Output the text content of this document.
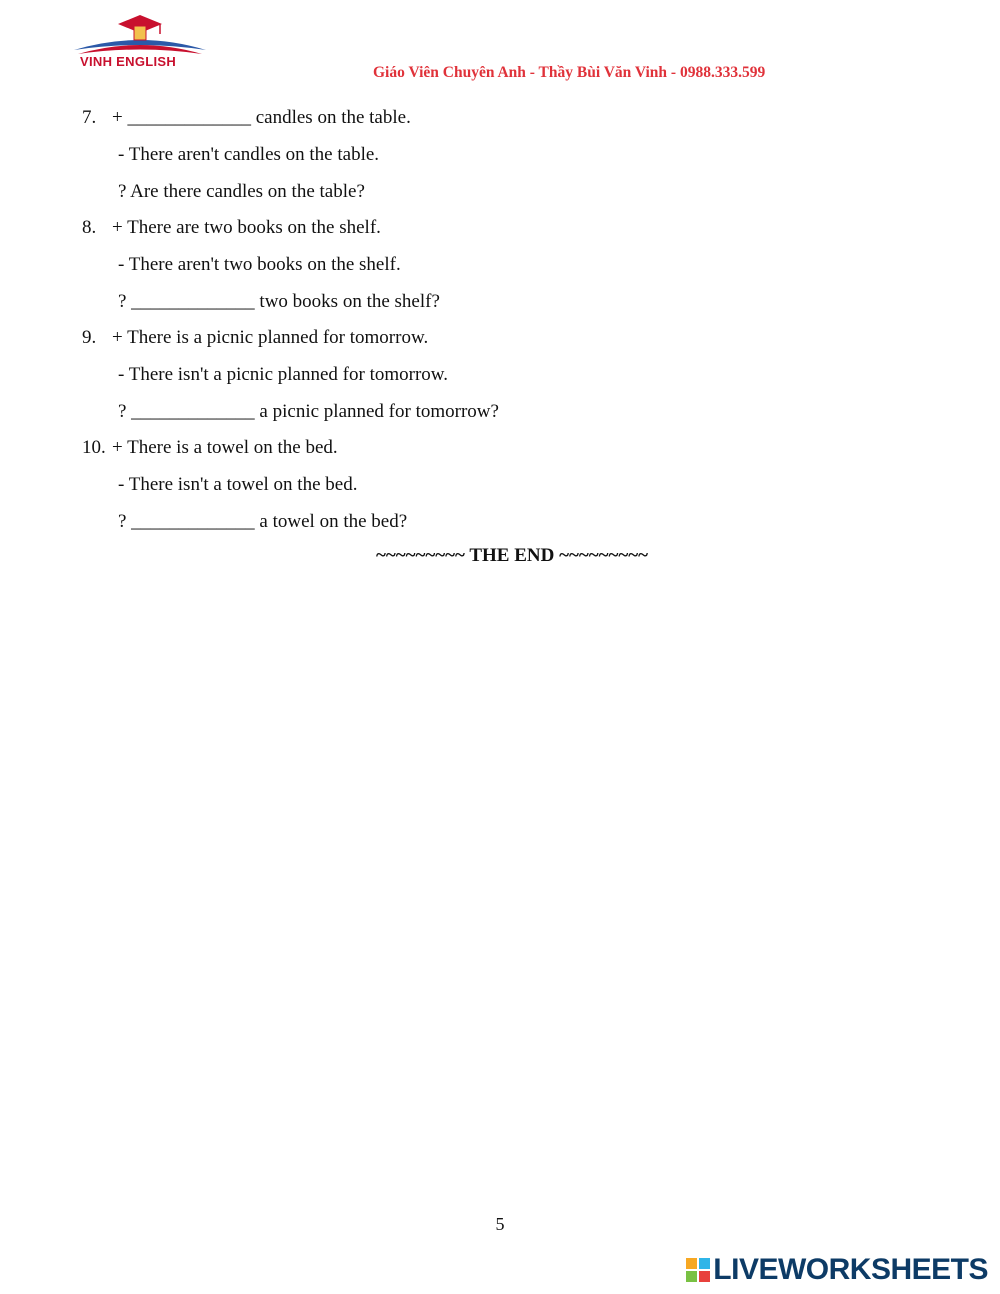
VINH ENGLISH
Giáo Viên Chuyên Anh - Thầy Bùi Văn Vinh - 0988.333.599
7. + _____________ candles on the table.
- There aren't candles on the table.
? Are there candles on the table?
8. + There are two books on the shelf.
- There aren't two books on the shelf.
? _____________ two books on the shelf?
9. + There is a picnic planned for tomorrow.
- There isn't a picnic planned for tomorrow.
? _____________ a picnic planned for tomorrow?
10. + There is a towel on the bed.
- There isn't a towel on the bed.
? _____________ a towel on the bed?
~~~~~~~~~ THE END ~~~~~~~~~
5
LIVEWORKSHEETS
